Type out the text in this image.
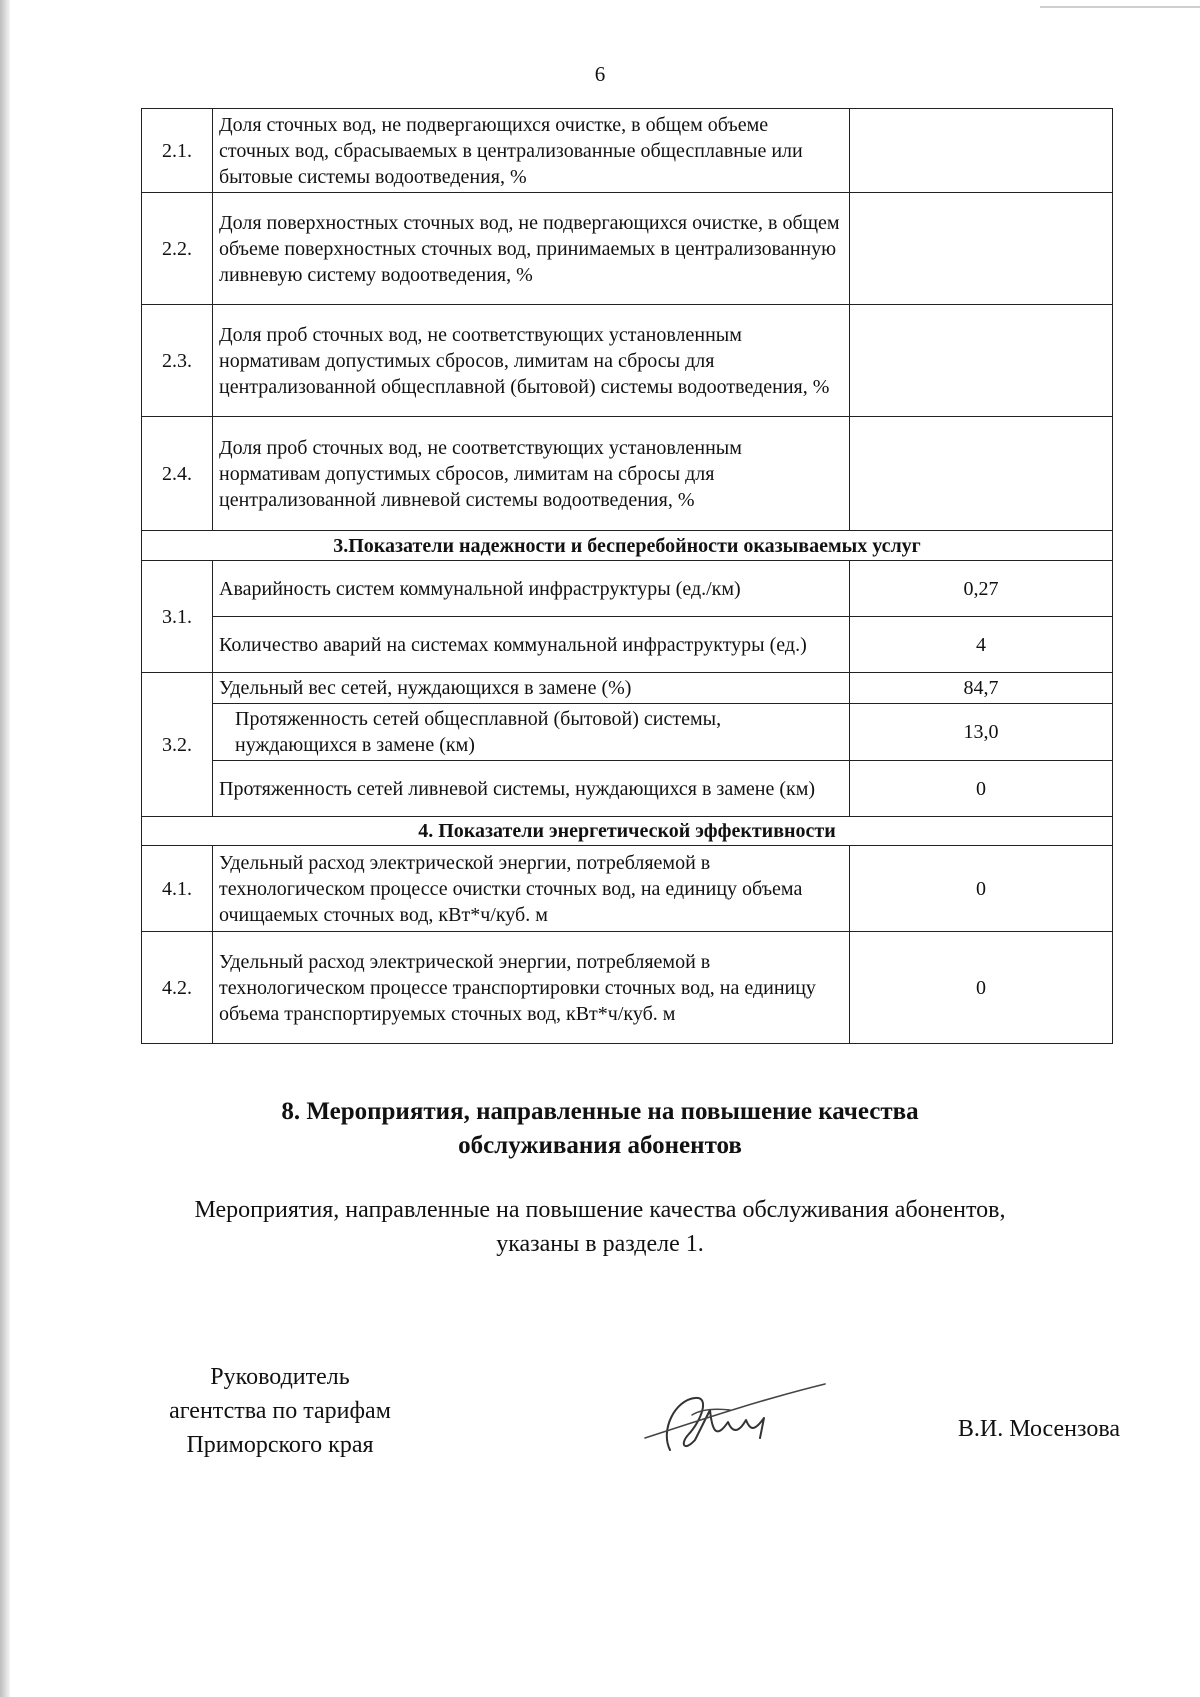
6
2.1.	Доля сточных вод, не подвергающихся очистке, в общем объеме сточных вод, сбрасываемых в централизованные общесплавные или бытовые системы водоотведения, %	
2.2.	Доля поверхностных сточных вод, не подвергающихся очистке, в общем объеме поверхностных сточных вод, принимаемых в централизованную ливневую систему водоотведения, %	
2.3.	Доля проб сточных вод, не соответствующих установленным нормативам допустимых сбросов, лимитам на сбросы для централизованной общесплавной (бытовой) системы водоотведения, %	
2.4.	Доля проб сточных вод, не соответствующих установленным нормативам допустимых сбросов, лимитам на сбросы для централизованной ливневой системы водоотведения, %	
3.Показатели надежности и бесперебойности оказываемых услуг		
3.1.	Аварийность систем коммунальной инфраструктуры (ед./км)	0,27
	Количество аварий на системах коммунальной инфраструктуры (ед.)	4
3.2.	Удельный вес сетей, нуждающихся в замене (%)	84,7
	Протяженность сетей общесплавной (бытовой) системы, нуждающихся в замене (км)	13,0
	Протяженность сетей ливневой системы, нуждающихся в замене (км)	0
4. Показатели энергетической эффективности		
4.1.	Удельный расход электрической энергии, потребляемой в технологическом процессе очистки сточных вод, на единицу объема очищаемых сточных вод, кВт*ч/куб. м	0
4.2.	Удельный расход электрической энергии, потребляемой в технологическом процессе транспортировки сточных вод, на единицу объема транспортируемых сточных вод, кВт*ч/куб. м	0
8. Мероприятия, направленные на повышение качества
обслуживания абонентов
Мероприятия, направленные на повышение качества обслуживания абонентов,
указаны в разделе 1.
Руководитель
агентства по тарифам
Приморского края
В.И. Мосензова
